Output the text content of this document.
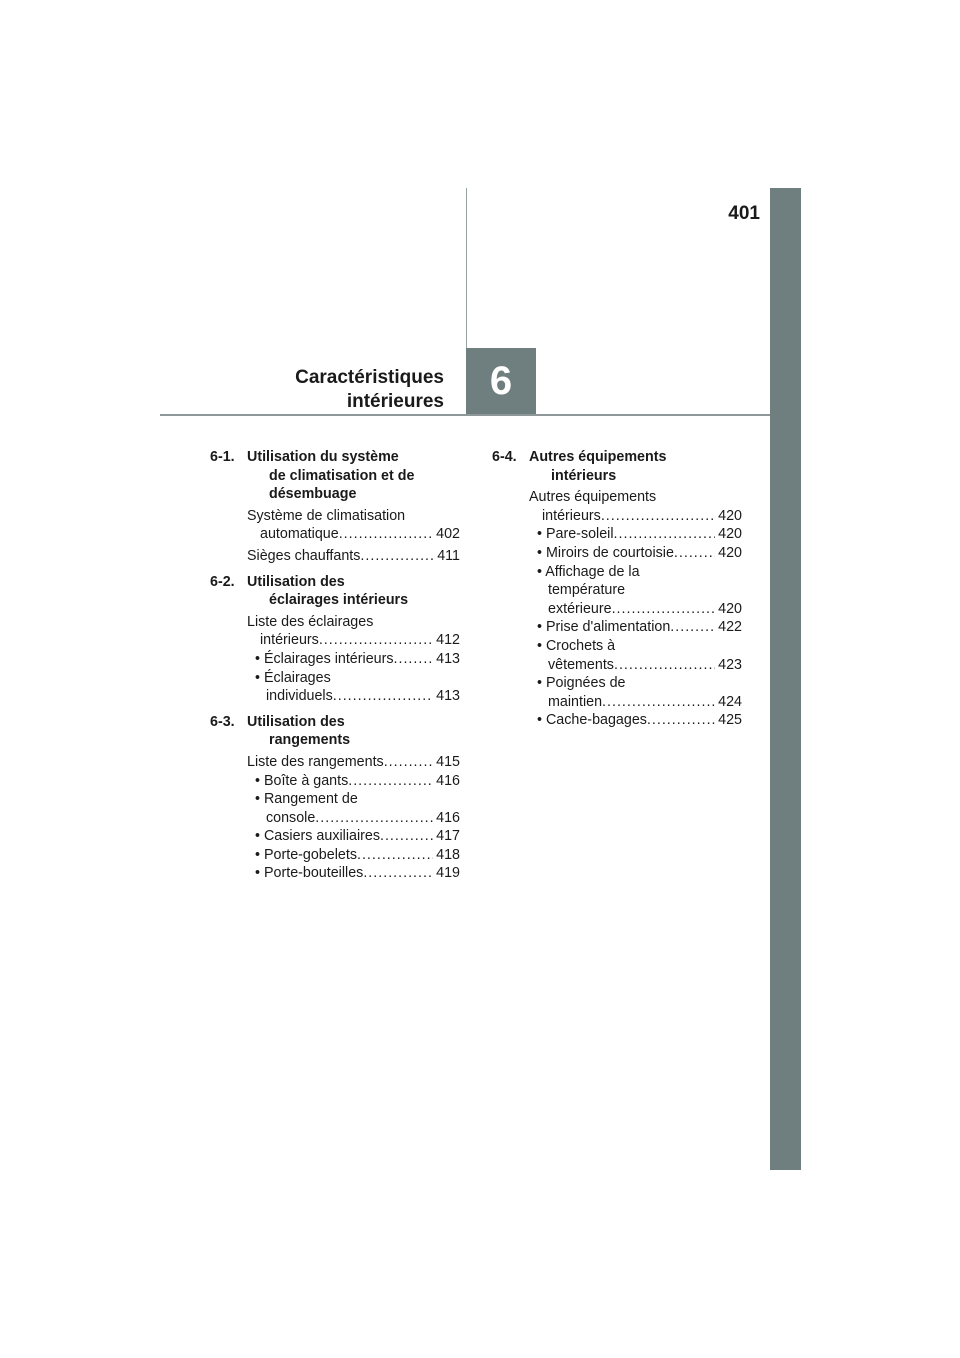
401
Caractéristiques
intérieures 6
6-1. Utilisation du système
de climatisation et de
désembuage
Système de climatisation
automatique .....	402
Sièges chauffants .....	411
6-2. Utilisation des
éclairages intérieurs
Liste des éclairages
intérieurs .....	412
• Éclairages intérieurs .....	413
• Éclairages
individuels .....	413
6-3. Utilisation des
rangements
Liste des rangements .....	415
• Boîte à gants .....	416
• Rangement de
console .....	416
• Casiers auxiliaires .....	417
• Porte-gobelets .....	418
• Porte-bouteilles .....	419
6-4. Autres équipements
intérieurs
Autres équipements
intérieurs .....	420
• Pare-soleil .....	420
• Miroirs de courtoisie .....	420
• Affichage de la
température
extérieure .....	420
• Prise d'alimentation .....	422
• Crochets à
vêtements .....	423
• Poignées de
maintien .....	424
• Cache-bagages .....	425
